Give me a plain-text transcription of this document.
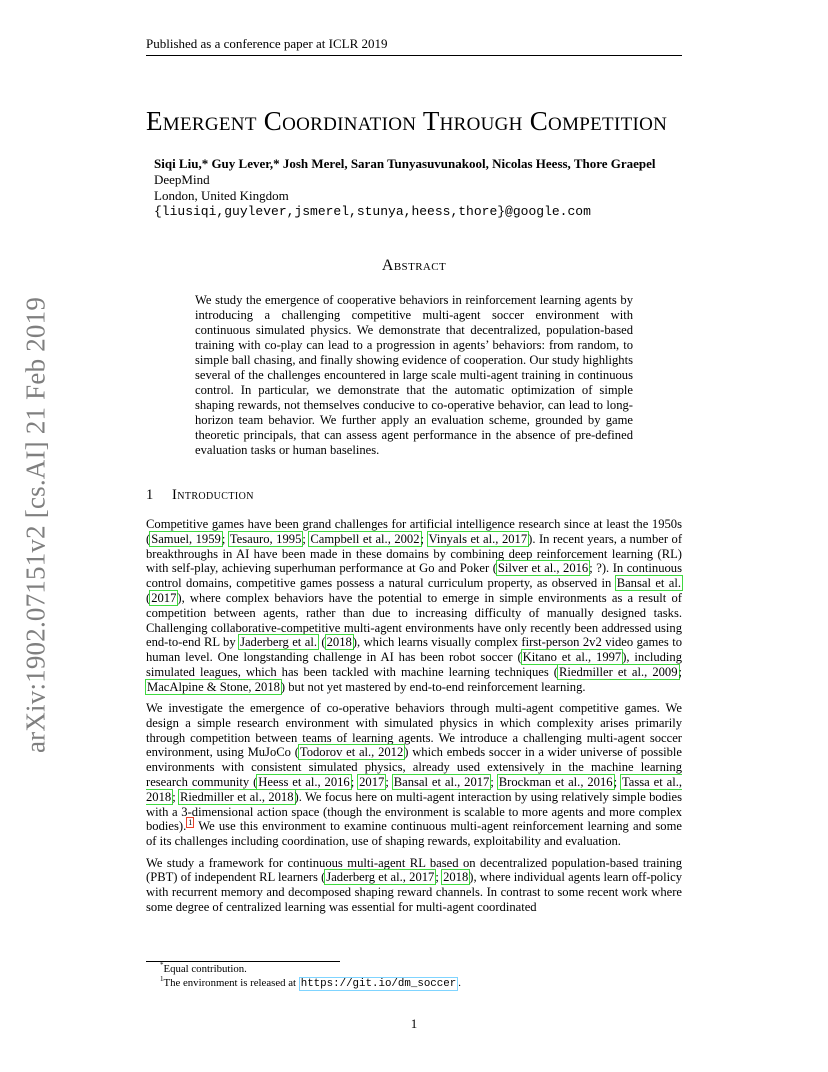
Published as a conference paper at ICLR 2019
arXiv:1902.07151v2 [cs.AI] 21 Feb 2019
Emergent Coordination Through Competition
Siqi Liu,* Guy Lever,* Josh Merel, Saran Tunyasuvunakool, Nicolas Heess, Thore Graepel
DeepMind
London, United Kingdom
{liusiqi,guylever,jsmerel,stunya,heess,thore}@google.com
Abstract
We study the emergence of cooperative behaviors in reinforcement learning agents by introducing a challenging competitive multi-agent soccer environment with continuous simulated physics. We demonstrate that decentralized, population-based training with co-play can lead to a progression in agents’ behaviors: from random, to simple ball chasing, and finally showing evidence of cooperation. Our study highlights several of the challenges encountered in large scale multi-agent training in continuous control. In particular, we demonstrate that the automatic optimization of simple shaping rewards, not themselves conducive to co-operative behavior, can lead to long-horizon team behavior. We further apply an evaluation scheme, grounded by game theoretic principals, that can assess agent performance in the absence of pre-defined evaluation tasks or human baselines.
1 Introduction

Competitive games have been grand challenges for artificial intelligence research since at least the 1950s (Samuel, 1959; Tesauro, 1995; Campbell et al., 2002; Vinyals et al., 2017). In recent years, a number of breakthroughs in AI have been made in these domains by combining deep reinforcement learning (RL) with self-play, achieving superhuman performance at Go and Poker (Silver et al., 2016; ?). In continuous control domains, competitive games possess a natural curriculum property, as observed in Bansal et al. (2017), where complex behaviors have the potential to emerge in simple environments as a result of competition between agents, rather than due to increasing difficulty of manually designed tasks. Challenging collaborative-competitive multi-agent environments have only recently been addressed using end-to-end RL by Jaderberg et al. (2018), which learns visually complex first-person 2v2 video games to human level. One longstanding challenge in AI has been robot soccer (Kitano et al., 1997), including simulated leagues, which has been tackled with machine learning techniques (Riedmiller et al., 2009; MacAlpine & Stone, 2018) but not yet mastered by end-to-end reinforcement learning.

We investigate the emergence of co-operative behaviors through multi-agent competitive games. We design a simple research environment with simulated physics in which complexity arises primarily through competition between teams of learning agents. We introduce a challenging multi-agent soccer environment, using MuJoCo (Todorov et al., 2012) which embeds soccer in a wider universe of possible environments with consistent simulated physics, already used extensively in the machine learning research community (Heess et al., 2016; 2017; Bansal et al., 2017; Brockman et al., 2016; Tassa et al., 2018; Riedmiller et al., 2018). We focus here on multi-agent interaction by using relatively simple bodies with a 3-dimensional action space (though the environment is scalable to more agents and more complex bodies). $^1$ We use this environment to examine continuous multi-agent reinforcement learning and some of its challenges including coordination, use of shaping rewards, exploitability and evaluation.

We study a framework for continuous multi-agent RL based on decentralized population-based training (PBT) of independent RL learners (Jaderberg et al., 2017; 2018), where individual agents learn off-policy with recurrent memory and decomposed shaping reward channels. In contrast to some recent work where some degree of centralized learning was essential for multi-agent coordinated

*Equal contribution.
$^1$The environment is released at https://git.io/dm_soccer .
1
